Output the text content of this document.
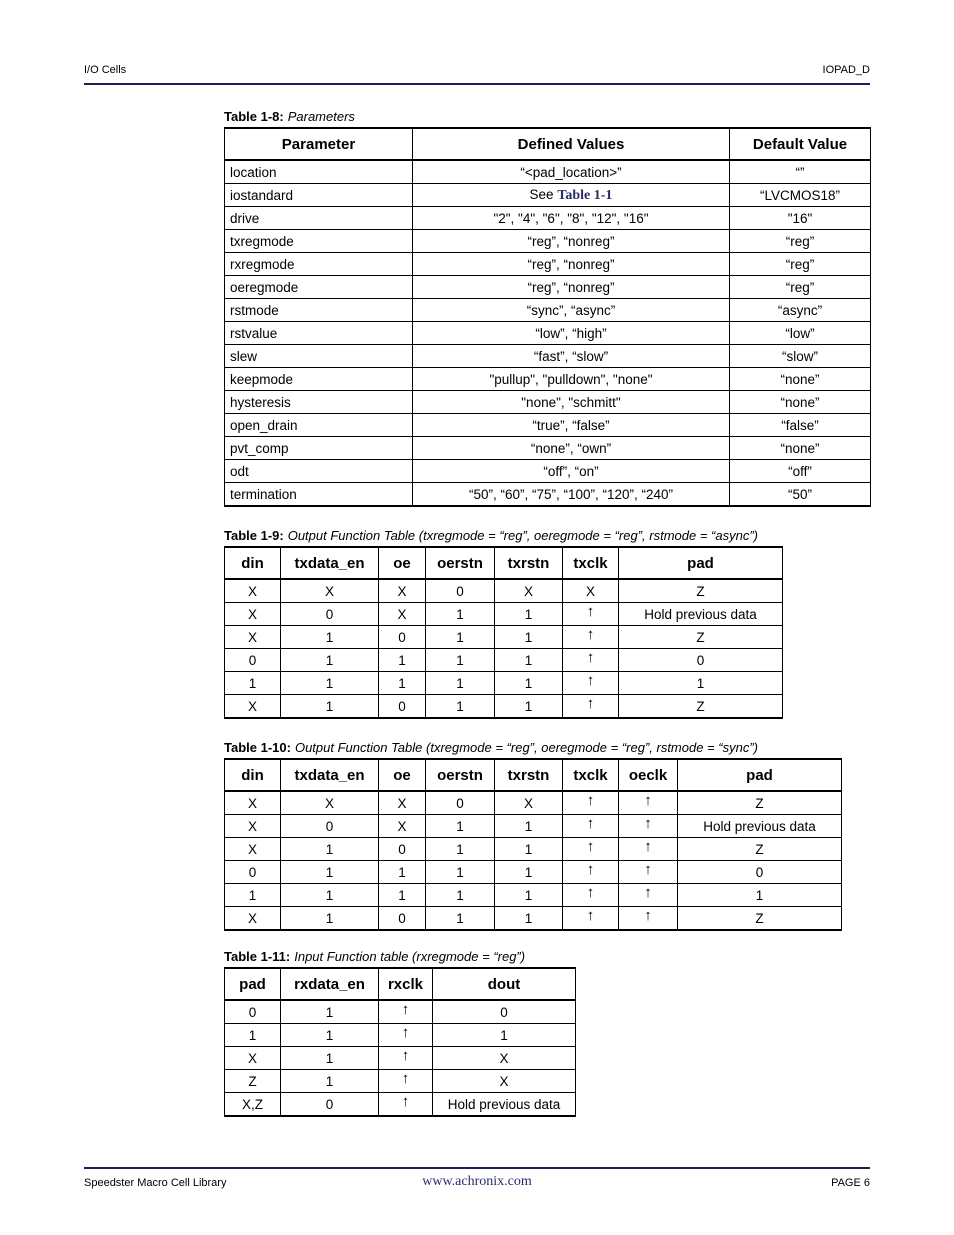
I/O Cells	IOPAD_D
Table 1-8: Parameters
Parameter	Defined Values	Default Value
location	“<pad_location>”	“”
iostandard	See Table 1-1	“LVCMOS18”
drive	"2", "4", "6", "8", "12", "16"	"16"
txregmode	“reg”, “nonreg”	“reg”
rxregmode	“reg”, “nonreg”	“reg”
oeregmode	“reg”, “nonreg”	“reg”
rstmode	“sync”, “async”	“async”
rstvalue	“low”, “high”	“low”
slew	“fast”, “slow”	“slow”
keepmode	"pullup", "pulldown", "none"	“none”
hysteresis	"none", "schmitt"	“none”
open_drain	“true”, “false”	“false”
pvt_comp	“none”, “own”	“none”
odt	“off”, “on”	“off”
termination	“50”, “60”, “75”, “100”, “120”, “240”	“50”
Table 1-9: Output Function Table (txregmode = “reg”, oeregmode = “reg”, rstmode = “async”)
din	txdata_en	oe	oerstn	txrstn	txclk	pad
X	X	X	0	X	X	Z
X	0	X	1	1	↑	Hold previous data
X	1	0	1	1	↑	Z
0	1	1	1	1	↑	0
1	1	1	1	1	↑	1
X	1	0	1	1	↑	Z
Table 1-10: Output Function Table (txregmode = “reg”, oeregmode = “reg”, rstmode = “sync”)
din	txdata_en	oe	oerstn	txrstn	txclk	oeclk	pad
X	X	X	0	X	↑	↑	Z
X	0	X	1	1	↑	↑	Hold previous data
X	1	0	1	1	↑	↑	Z
0	1	1	1	1	↑	↑	0
1	1	1	1	1	↑	↑	1
X	1	0	1	1	↑	↑	Z
Table 1-11: Input Function table (rxregmode = “reg”)
pad	rxdata_en	rxclk	dout
0	1	↑	0
1	1	↑	1
X	1	↑	X
Z	1	↑	X
X,Z	0	↑	Hold previous data
Speedster Macro Cell Library	www.achronix.com	PAGE 6
